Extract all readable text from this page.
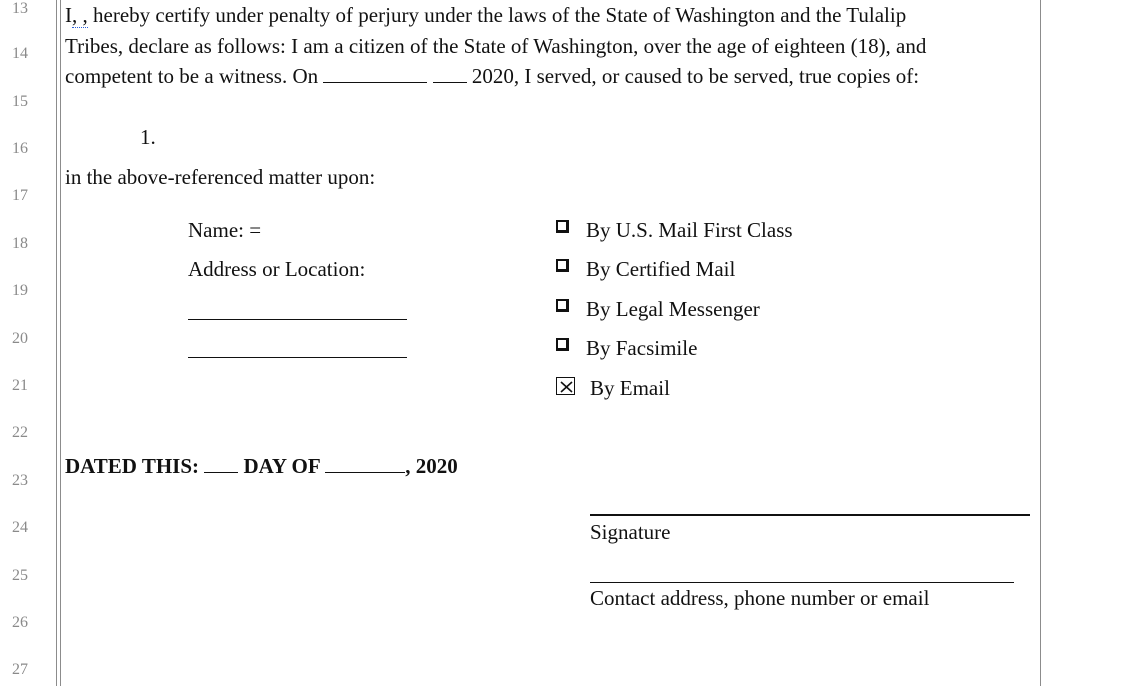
13
14
15
16
17
18
19
20
21
22
23
24
25
26
27
I, , hereby certify under penalty of perjury under the laws of the State of Washington and the Tulalip
Tribes, declare as follows: I am a citizen of the State of Washington, over the age of eighteen (18), and
competent to be a witness. On	2020, I served, or caused to be served, true copies of:
1.
in the above-referenced matter upon:
Name: =
Address or Location:
By U.S. Mail First Class
By Certified Mail
By Legal Messenger
By Facsimile
By Email
DATED THIS:  DAY OF	, 2020
Signature
Contact address, phone number or email
